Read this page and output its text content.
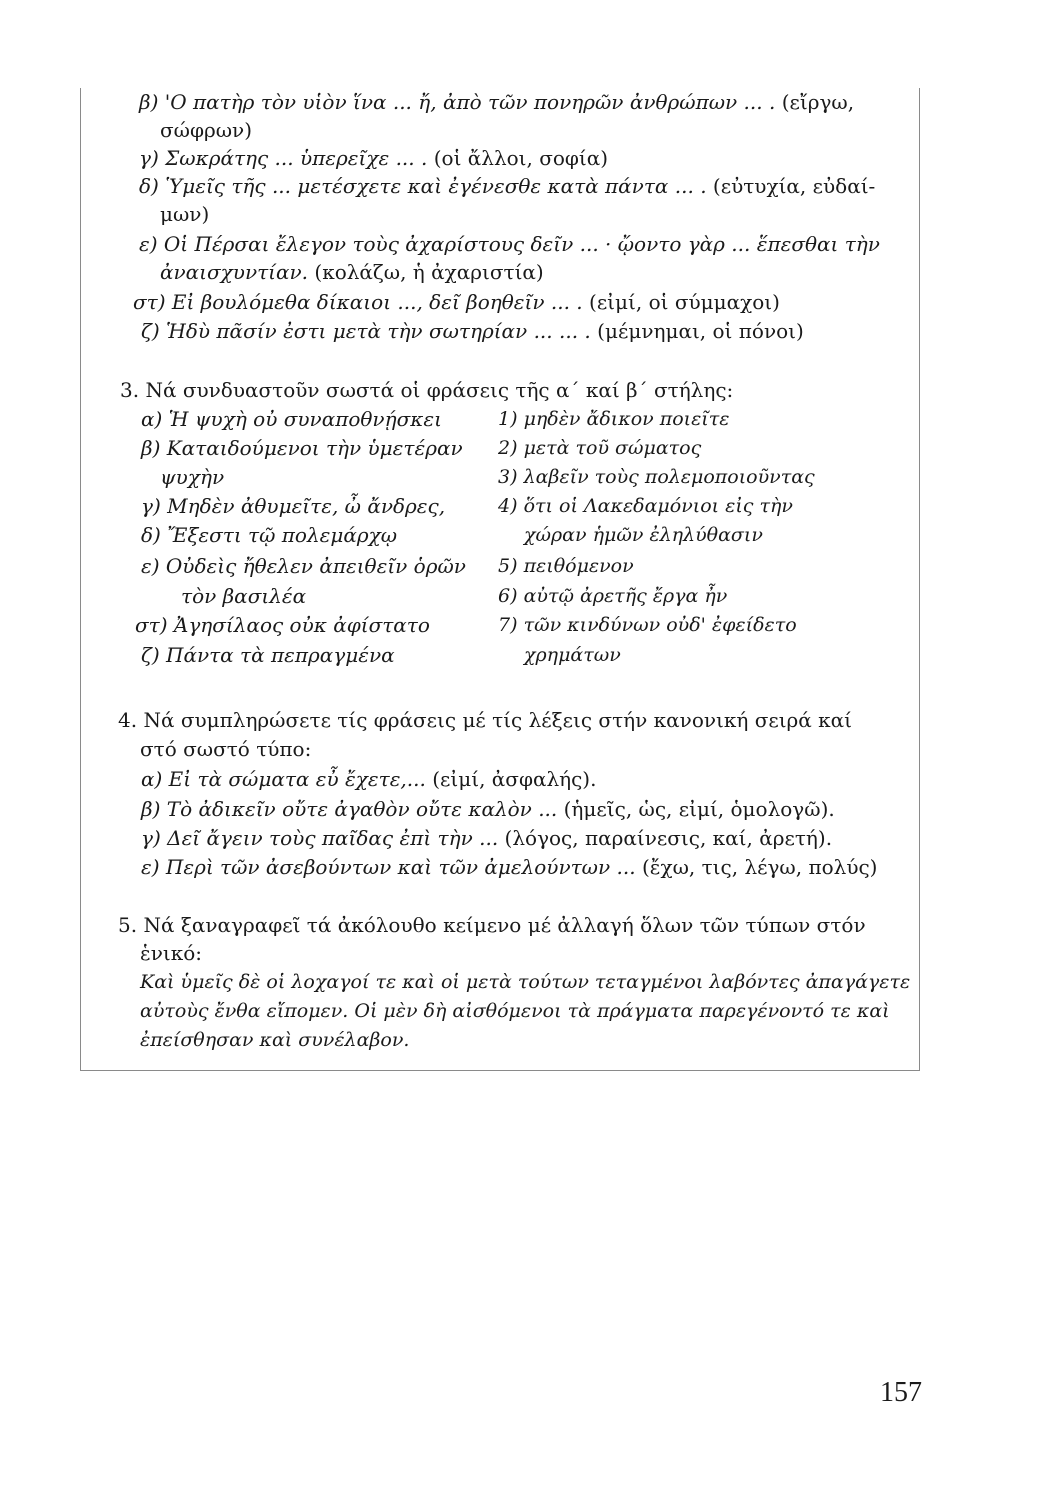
β) 'Ο πατὴρ τὸν υἱὸν ἵνα ... ἤ, ἀπὸ τῶν πονηρῶν ἀνθρώπων ... . (εἴργω,
σώφρων)
γ) Σωκράτης ... ὑπερεῖχε ... . (οἱ ἄλλοι, σοφία)
δ) Ὑμεῖς τῆς ... μετέσχετε καὶ ἐγένεσθε κατὰ πάντα ... . (εὐτυχία, εὐδαί-
μων)
ε) Οἱ Πέρσαι ἔλεγον τοὺς ἀχαρίστους δεῖν ... · ᾤοντο γὰρ ... ἕπεσθαι τὴν
ἀναισχυντίαν. (κολάζω, ἡ ἀχαριστία)
στ) Εἰ βουλόμεθα δίκαιοι ..., δεῖ βοηθεῖν ... . (εἰμί, οἱ σύμμαχοι)
ζ) Ἡδὺ πᾶσίν ἐστι μετὰ τὴν σωτηρίαν ... ... . (μέμνημαι, οἱ πόνοι)
3. Νά συνδυαστοῦν σωστά οἱ φράσεις τῆς α΄ καί β΄ στήλης:
α) Ἡ ψυχὴ οὐ συναποθνῄσκει
β) Καταιδούμενοι τὴν ὑμετέραν
ψυχὴν
γ) Μηδὲν ἀθυμεῖτε, ὦ ἄνδρες,
δ) Ἔξεστι τῷ πολεμάρχῳ
ε) Οὐδεὶς ἤθελεν ἀπειθεῖν ὁρῶν
τὸν βασιλέα
στ) Ἀγησίλαος οὐκ ἀφίστατο
ζ) Πάντα τὰ πεπραγμένα
1) μηδὲν ἄδικον ποιεῖτε
2) μετὰ τοῦ σώματος
3) λαβεῖν τοὺς πολεμοποιοῦντας
4) ὅτι οἱ Λακεδαμόνιοι εἰς τὴν
χώραν ἡμῶν ἐληλύθασιν
5) πειθόμενον
6) αὐτῷ ἀρετῆς ἔργα ἦν
7) τῶν κινδύνων οὐδ' ἐφείδετο
χρημάτων
4. Νά συμπληρώσετε τίς φράσεις μέ τίς λέξεις στήν κανονική σειρά καί
στό σωστό τύπο:
α) Εἰ τὰ σώματα εὖ ἔχετε,... (εἰμί, ἀσφαλής).
β) Τὸ ἀδικεῖν οὔτε ἀγαθὸν οὔτε καλὸν ... (ἡμεῖς, ὡς, εἰμί, ὁμολογῶ).
γ) Δεῖ ἄγειν τοὺς παῖδας ἐπὶ τὴν ... (λόγος, παραίνεσις, καί, ἀρετή).
ε) Περὶ τῶν ἀσεβούντων καὶ τῶν ἀμελούντων ... (ἔχω, τις, λέγω, πολύς)
5. Νά ξαναγραφεῖ τά ἀκόλουθο κείμενο μέ ἀλλαγή ὅλων τῶν τύπων στόν
ἑνικό:
Καὶ ὑμεῖς δὲ οἱ λοχαγοί τε καὶ οἱ μετὰ τούτων τεταγμένοι λαβόντες ἀπαγάγετε
αὐτοὺς ἔνθα εἴπομεν. Οἱ μὲν δὴ αἰσθόμενοι τὰ πράγματα παρεγένοντό τε καὶ
ἐπείσθησαν καὶ συνέλαβον.
157
